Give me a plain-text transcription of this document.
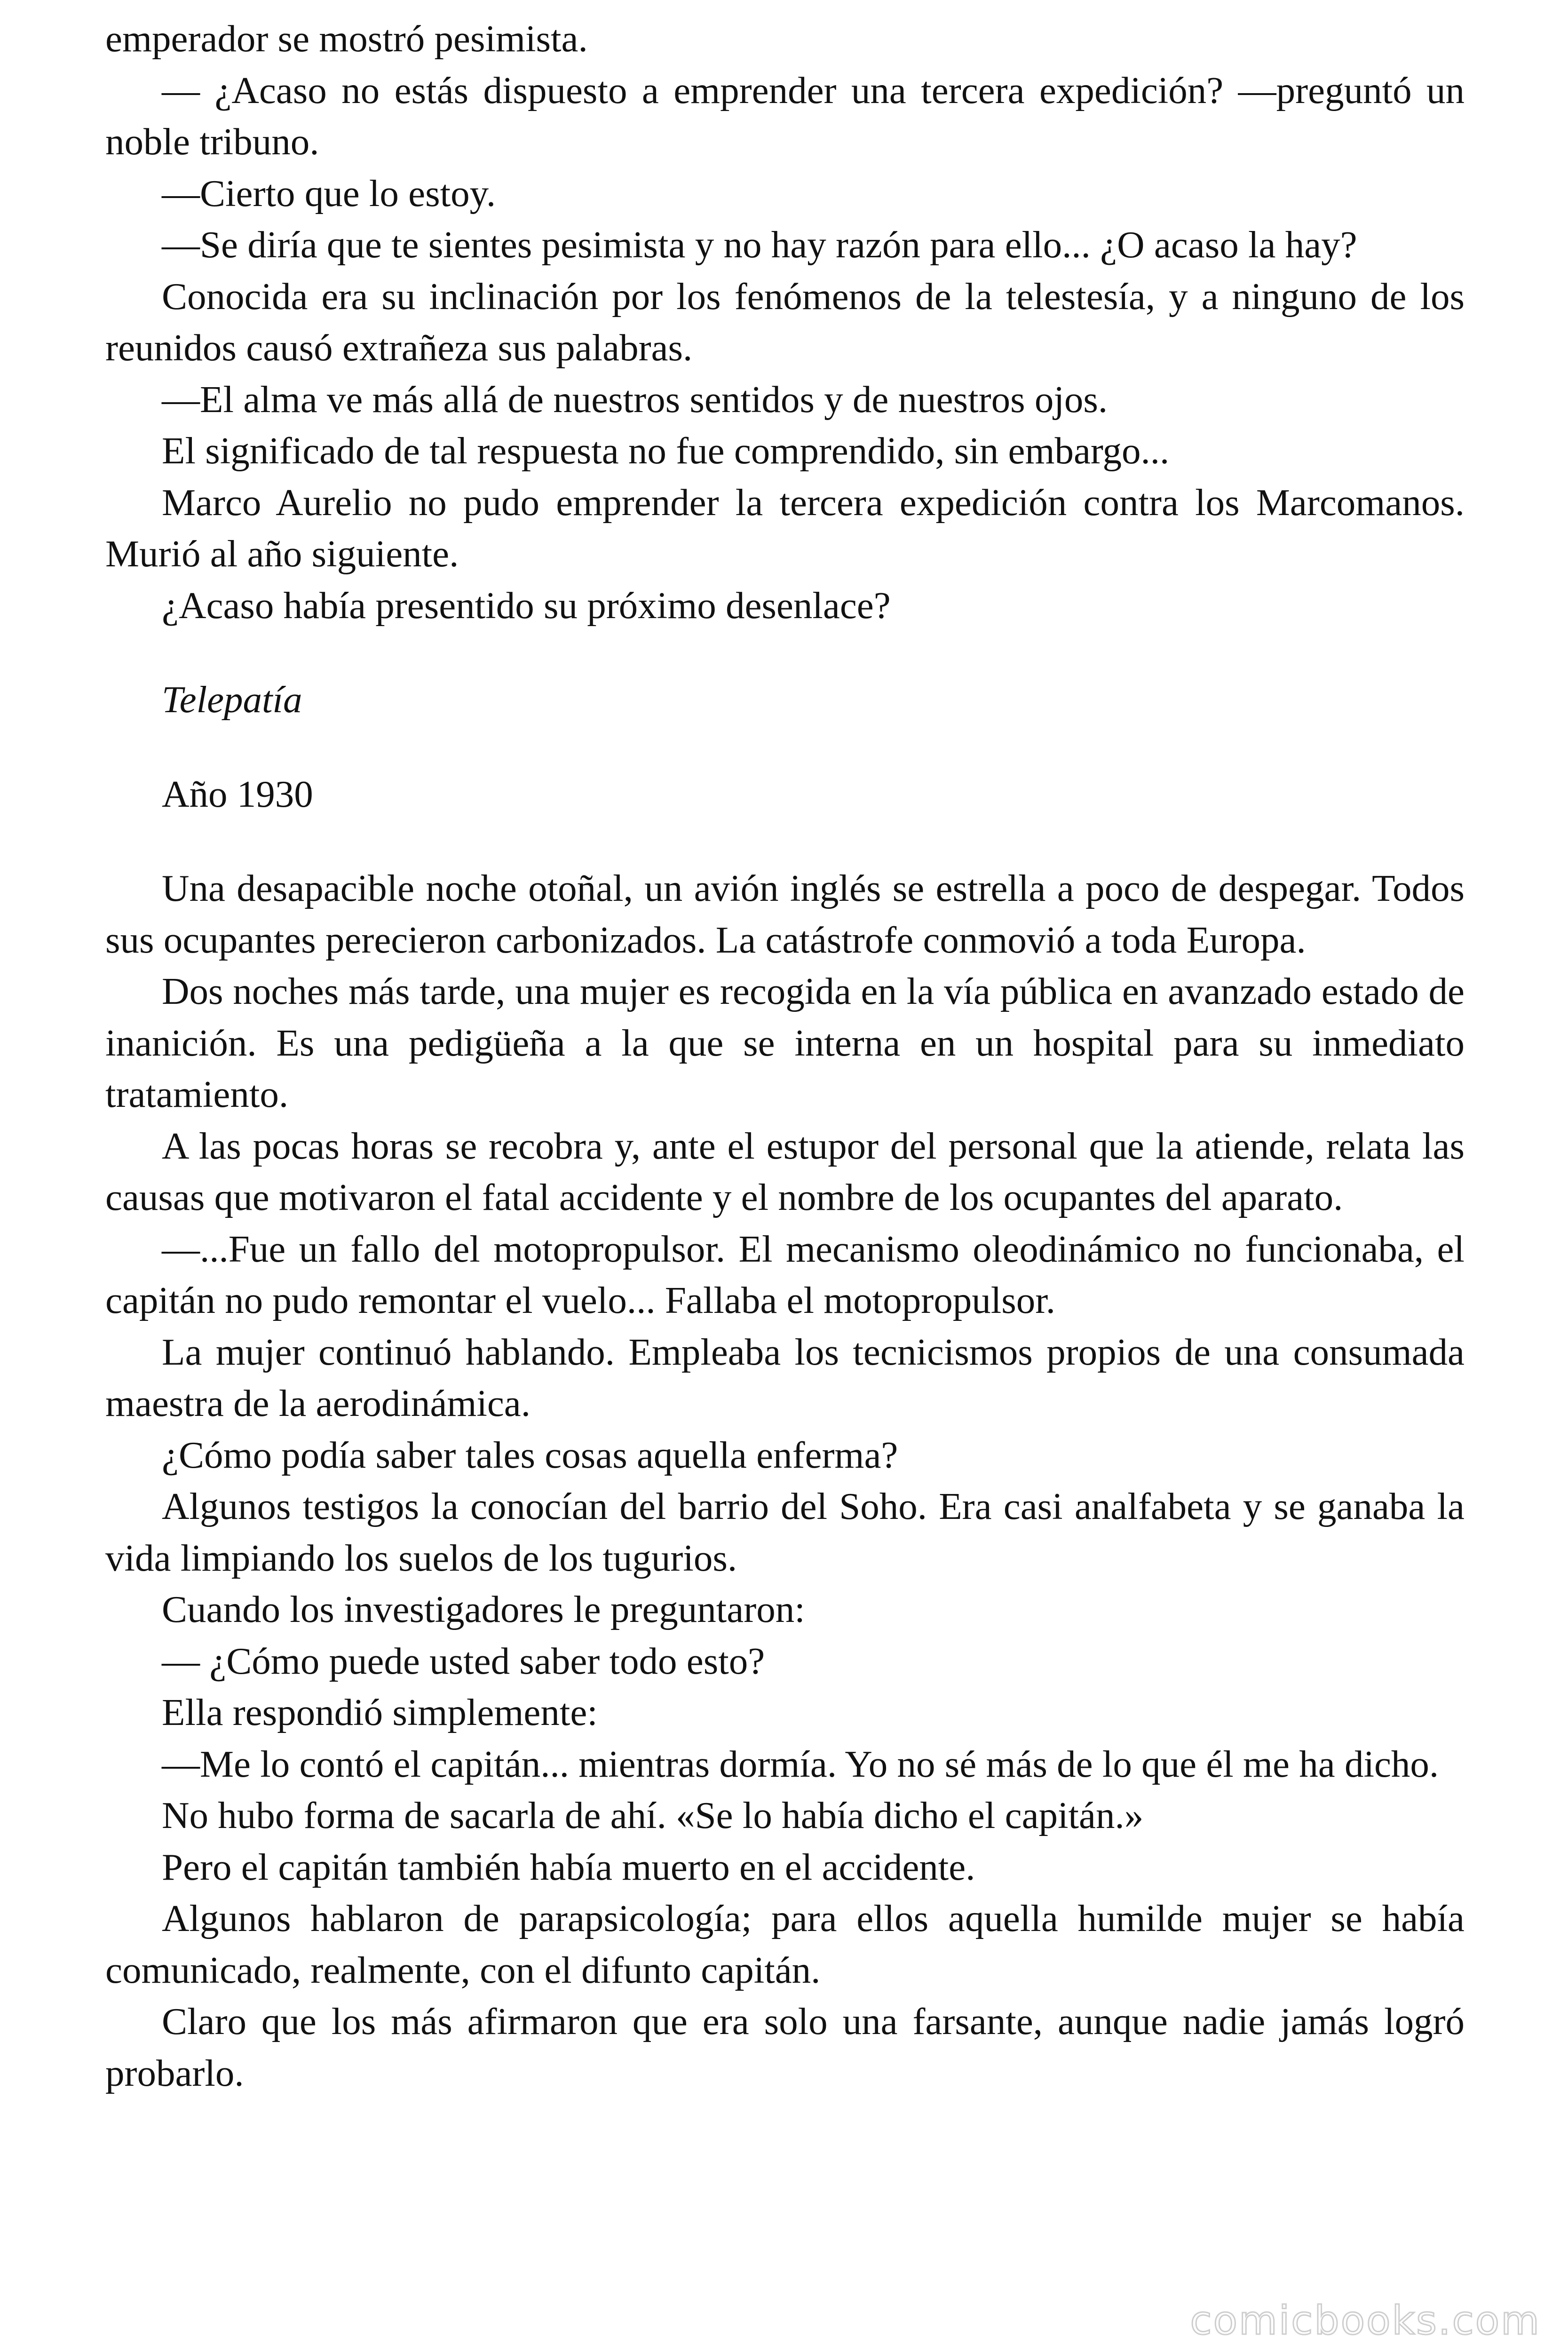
emperador se mostró pesimista.

— ¿Acaso no estás dispuesto a emprender una tercera expedición? —preguntó un noble tribuno.

—Cierto que lo estoy.

—Se diría que te sientes pesimista y no hay razón para ello... ¿O acaso la hay?

Conocida era su inclinación por los fenómenos de la telestesía, y a ninguno de los reunidos causó extrañeza sus palabras.

—El alma ve más allá de nuestros sentidos y de nuestros ojos.

El significado de tal respuesta no fue comprendido, sin embargo...

Marco Aurelio no pudo emprender la tercera expedición contra los Marcomanos. Murió al año siguiente.

¿Acaso había presentido su próximo desenlace?

Telepatía

Año 1930

Una desapacible noche otoñal, un avión inglés se estrella a poco de despegar. Todos sus ocupantes perecieron carbonizados. La catástrofe conmovió a toda Europa.

Dos noches más tarde, una mujer es recogida en la vía pública en avanzado estado de inanición. Es una pedigüeña a la que se interna en un hospital para su inmediato tratamiento.

A las pocas horas se recobra y, ante el estupor del personal que la atiende, relata las causas que motivaron el fatal accidente y el nombre de los ocupantes del aparato.

—...Fue un fallo del motopropulsor. El mecanismo oleodinámico no funcionaba, el capitán no pudo remontar el vuelo... Fallaba el motopropulsor.

La mujer continuó hablando. Empleaba los tecnicismos propios de una consumada maestra de la aerodinámica.

¿Cómo podía saber tales cosas aquella enferma?

Algunos testigos la conocían del barrio del Soho. Era casi analfabeta y se ganaba la vida limpiando los suelos de los tugurios.

Cuando los investigadores le preguntaron:

— ¿Cómo puede usted saber todo esto?

Ella respondió simplemente:

—Me lo contó el capitán... mientras dormía. Yo no sé más de lo que él me ha dicho.

No hubo forma de sacarla de ahí. «Se lo había dicho el capitán.»

Pero el capitán también había muerto en el accidente.

Algunos hablaron de parapsicología; para ellos aquella humilde mujer se había comunicado, realmente, con el difunto capitán.

Claro que los más afirmaron que era solo una farsante, aunque nadie jamás logró probarlo.

comicbooks.com
